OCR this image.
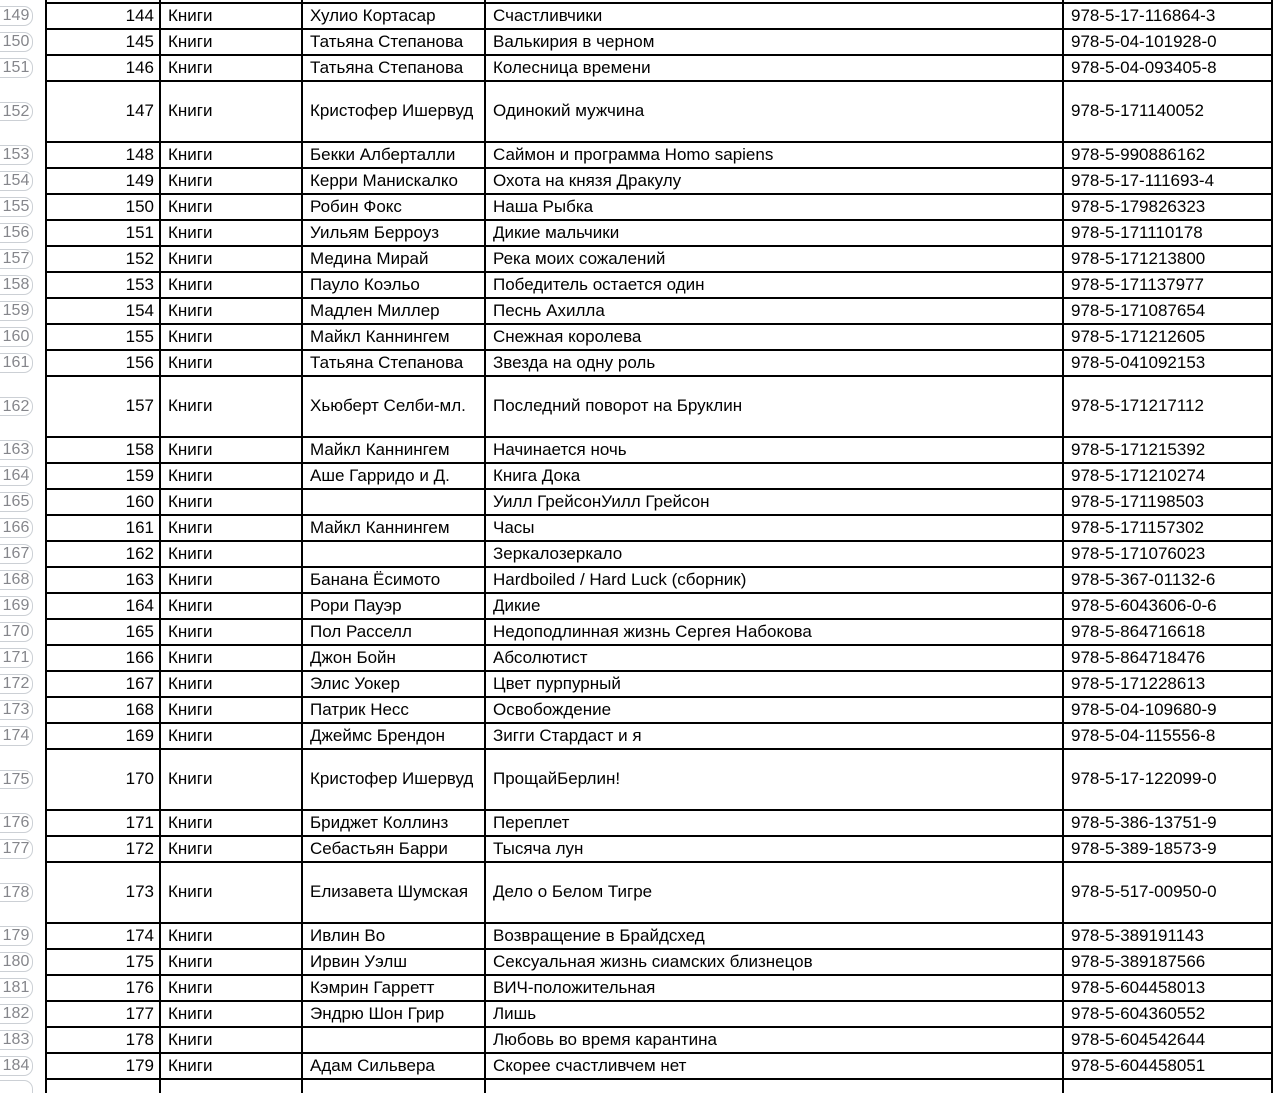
149	144	Книги	Хулио Кортасар	Счастливчики	978-5-17-116864-3	

150	145	Книги	Татьяна Степанова	Валькирия в черном	978-5-04-101928-0	

151	146	Книги	Татьяна Степанова	Колесница времени	978-5-04-093405-8	

152	147	Книги	Кристофер Ишервуд	Одинокий мужчина	978-5-171140052	

153	148	Книги	Бекки Алберталли	Саймон и программа Homo sapiens	978-5-990886162	

154	149	Книги	Керри Манискалко	Охота на князя Дракулу	978-5-17-111693-4	

155	150	Книги	Робин Фокс	Наша Рыбка	978-5-179826323	

156	151	Книги	Уильям Берроуз	Дикие мальчики	978-5-171110178	

157	152	Книги	Медина Мирай	Река моих сожалений	978-5-171213800	

158	153	Книги	Пауло Коэльо	Победитель остается один	978-5-171137977	

159	154	Книги	Мадлен Миллер	Песнь Ахилла	978-5-171087654	

160	155	Книги	Майкл Каннингем	Снежная королева	978-5-171212605	

161	156	Книги	Татьяна Степанова	Звезда на одну роль	978-5-041092153	

162	157	Книги	Хьюберт Селби-мл.	Последний поворот на Бруклин	978-5-171217112	

163	158	Книги	Майкл Каннингем	Начинается ночь	978-5-171215392	

164	159	Книги	Аше Гарридо и Д.	Книга Дока	978-5-171210274	

165	160	Книги		Уилл ГрейсонУилл Грейсон	978-5-171198503	

166	161	Книги	Майкл Каннингем	Часы	978-5-171157302	

167	162	Книги		Зеркалозеркало	978-5-171076023	

168	163	Книги	Банана Ёсимото	Hardboiled / Hard Luck (сборник)	978-5-367-01132-6	

169	164	Книги	Рори Пауэр	Дикие	978-5-6043606-0-6	

170	165	Книги	Пол Расселл	Недоподлинная жизнь Сергея Набокова	978-5-864716618	

171	166	Книги	Джон Бойн	Абсолютист	978-5-864718476	

172	167	Книги	Элис Уокер	Цвет пурпурный	978-5-171228613	

173	168	Книги	Патрик Несс	Освобождение	978-5-04-109680-9	

174	169	Книги	Джеймс Брендон	Зигги Стардаст и я	978-5-04-115556-8	

175	170	Книги	Кристофер Ишервуд	ПрощайБерлин!	978-5-17-122099-0	

176	171	Книги	Бриджет Коллинз	Переплет	978-5-386-13751-9	

177	172	Книги	Себастьян Барри	Тысяча лун	978-5-389-18573-9	

178	173	Книги	Елизавета Шумская	Дело о Белом Тигре	978-5-517-00950-0	

179	174	Книги	Ивлин Во	Возвращение в Брайдсхед	978-5-389191143	

180	175	Книги	Ирвин Уэлш	Сексуальная жизнь сиамских близнецов	978-5-389187566	

181	176	Книги	Кэмрин Гарретт	ВИЧ-положительная	978-5-604458013	

182	177	Книги	Эндрю Шон Грир	Лишь	978-5-604360552	

183	178	Книги		Любовь во время карантина	978-5-604542644	

184	179	Книги	Адам Сильвера	Скорее счастливчем нет	978-5-604458051	
